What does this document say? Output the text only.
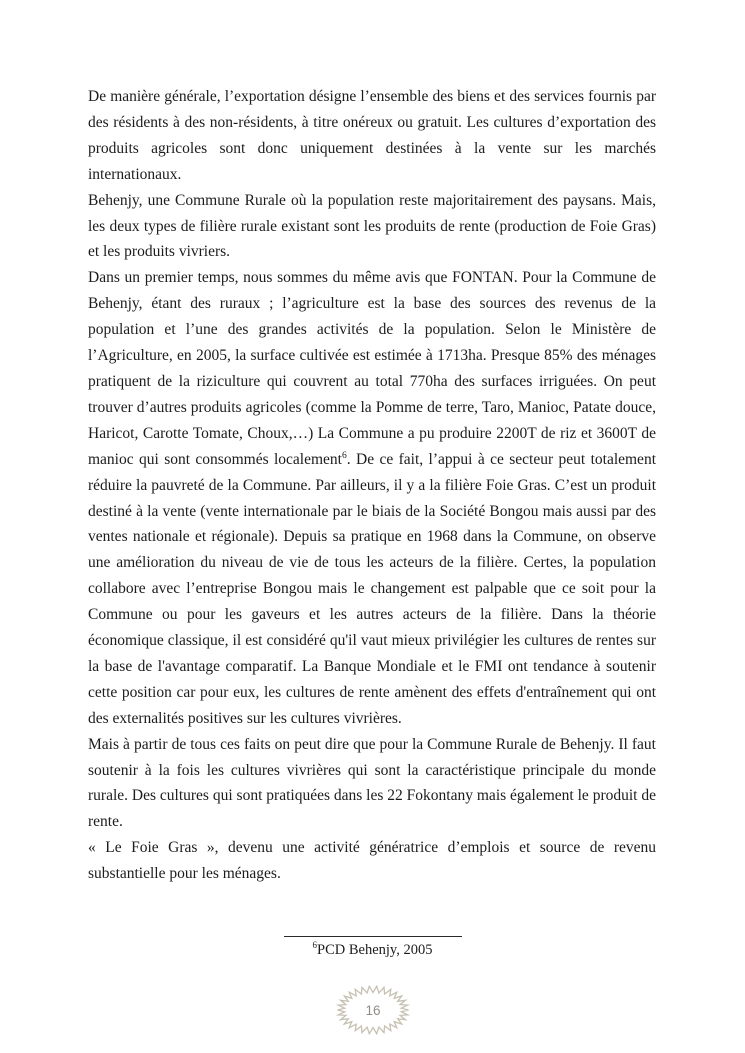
De manière générale, l’exportation désigne l’ensemble des biens et des services fournis par des résidents à des non-résidents, à titre onéreux ou gratuit. Les cultures d’exportation des produits agricoles sont donc uniquement destinées à la vente sur les marchés internationaux.

Behenjy, une Commune Rurale où la population reste majoritairement des paysans. Mais, les deux types de filière rurale existant sont les produits de rente (production de Foie Gras) et les produits vivriers.

Dans un premier temps, nous sommes du même avis que FONTAN. Pour la Commune de Behenjy, étant des ruraux ; l’agriculture est la base des sources des revenus de la population et l’une des grandes activités de la population. Selon le Ministère de l’Agriculture, en 2005, la surface cultivée est estimée à 1713ha. Presque 85% des ménages pratiquent de la riziculture qui couvrent au total 770ha des surfaces irriguées. On peut trouver d’autres produits agricoles (comme la Pomme de terre, Taro, Manioc, Patate douce, Haricot, Carotte Tomate, Choux,…) La Commune a pu produire 2200T de riz et 3600T de manioc qui sont consommés localement$^6$. De ce fait, l’appui à ce secteur peut totalement réduire la pauvreté de la Commune. Par ailleurs, il y a la filière Foie Gras. C’est un produit destiné à la vente (vente internationale par le biais de la Société Bongou mais aussi par des ventes nationale et régionale). Depuis sa pratique en 1968 dans la Commune, on observe une amélioration du niveau de vie de tous les acteurs de la filière. Certes, la population collabore avec l’entreprise Bongou mais le changement est palpable que ce soit pour la Commune ou pour les gaveurs et les autres acteurs de la filière. Dans la théorie économique classique, il est considéré qu'il vaut mieux privilégier les cultures de rentes sur la base de l'avantage comparatif. La Banque Mondiale et le FMI ont tendance à soutenir cette position car pour eux, les cultures de rente amènent des effets d'entraînement qui ont des externalités positives sur les cultures vivrières.

Mais à partir de tous ces faits on peut dire que pour la Commune Rurale de Behenjy. Il faut soutenir à la fois les cultures vivrières qui sont la caractéristique principale du monde rurale. Des cultures qui sont pratiquées dans les 22 Fokontany mais également le produit de rente.

« Le Foie Gras », devenu une activité génératrice d’emplois et source de revenu substantielle pour les ménages.

$^6$PCD Behenjy, 2005
16
